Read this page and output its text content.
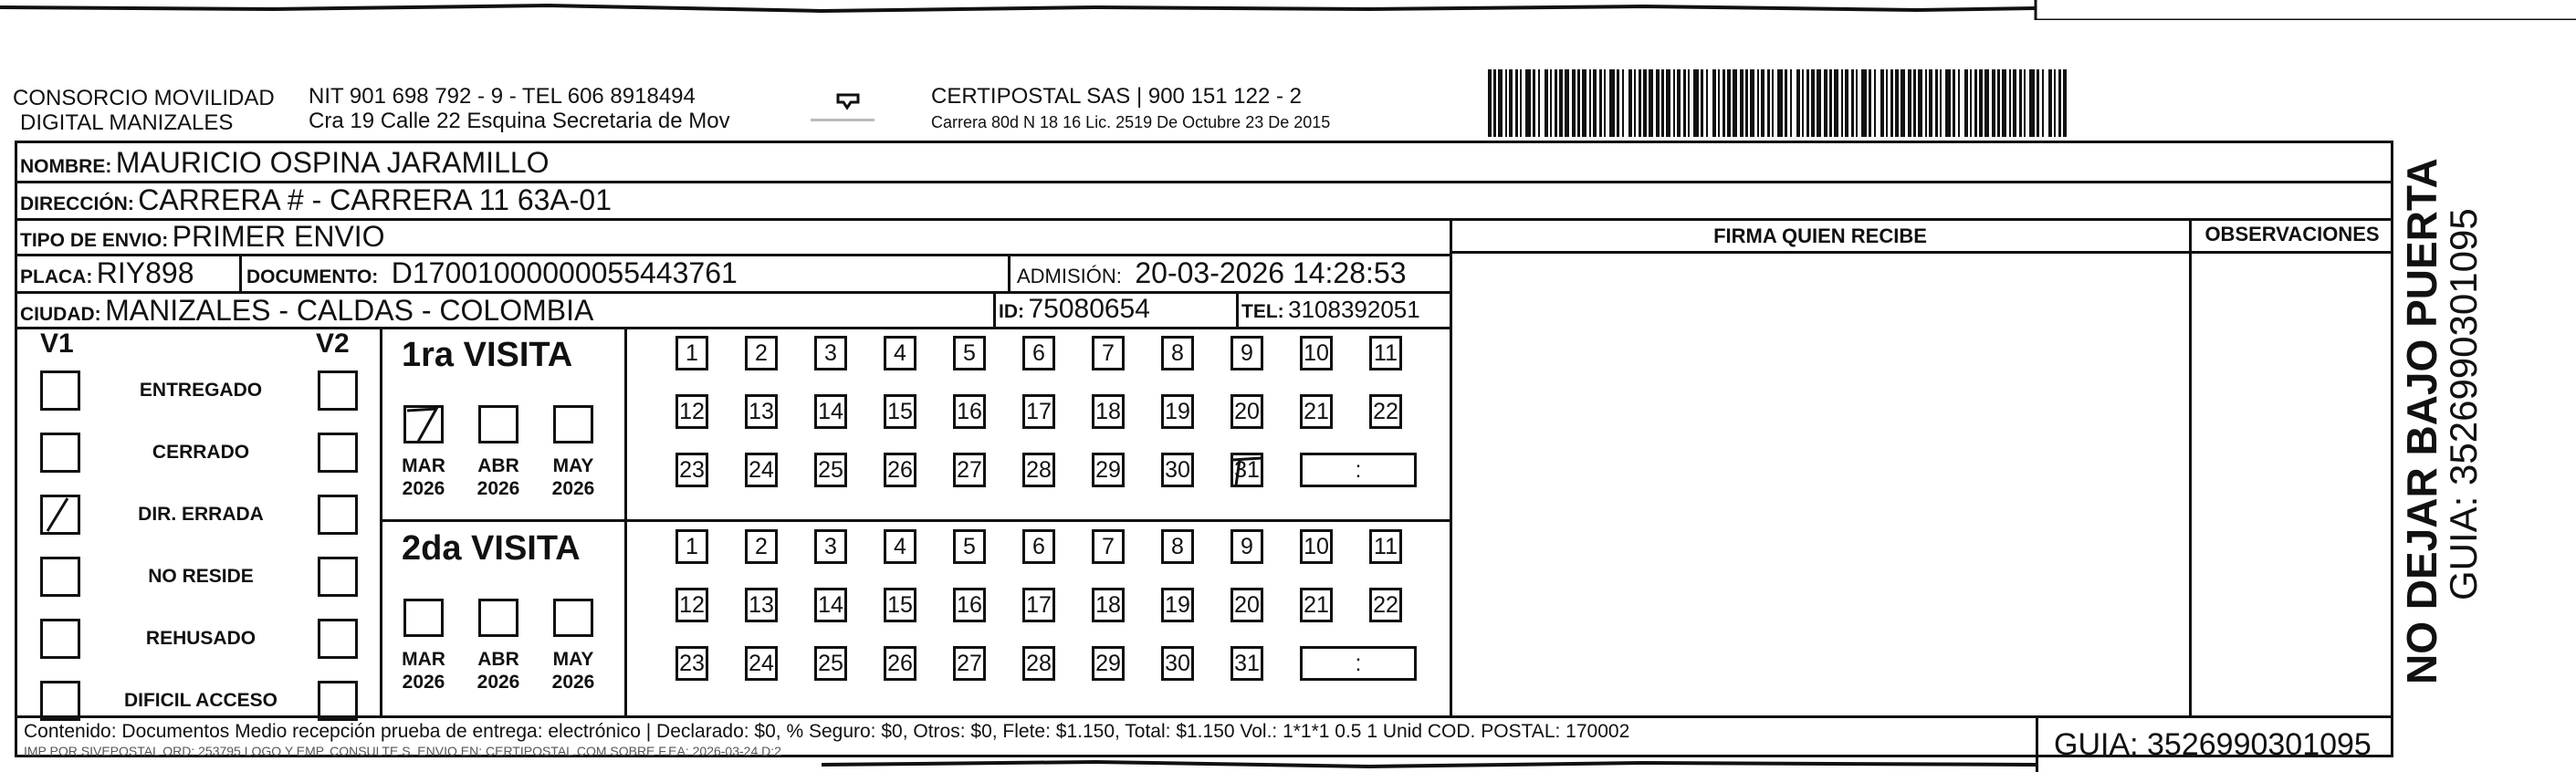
CONSORCIO MOVILIDAD
DIGITAL MANIZALES
NIT 901 698 792 - 9 - TEL 606 8918494
Cra 19 Calle 22 Esquina Secretaria de Mov
CERTIPOSTAL SAS | 900 151 122 - 2
Carrera 80d N 18 16 Lic. 2519 De Octubre 23 De 2015
NOMBRE: MAURICIO OSPINA JARAMILLO
DIRECCIÓN: CARRERA # - CARRERA 11 63A-01
TIPO DE ENVIO: PRIMER ENVIO
PLACA: RIY898	DOCUMENTO: D17001000000055443761	ADMISIÓN: 20-03-2026 14:28:53
CIUDAD: MANIZALES - CALDAS - COLOMBIA	ID: 75080654	TEL: 3108392051
FIRMA QUIEN RECIBE	OBSERVACIONES
V1	V2
ENTREGADO
CERRADO
DIR. ERRADA
NO RESIDE
REHUSADO
DIFICIL ACCESO
1ra VISITA
2da VISITA
1	2	3	4	5	6	7	8	9	10 11
12 13 14 15 16 17 18 19 20 21 22
23 24 25 26 27 28 29 30 31	:
1	2	3	4	5	6	7	8	9	10 11
12 13 14 15 16 17 18 19 20 21 22
23 24 25 26 27 28 29 30 31	:
MAR
2026
ABR
2026
MAY
2026
MAR
2026
ABR
2026
MAY
2026
Contenido: Documentos Medio recepción prueba de entrega: electrónico | Declarado: $0, % Seguro: $0, Otros: $0, Flete: $1.150, Total: $1.150 Vol.: 1*1*1 0.5 1 Unid COD. POSTAL: 170002
IMP POR SIVEPOSTAL ORD: 253795 LOGO Y EMP. CONSULTE S. ENVIO EN: CERTIPOSTAL.COM SOBRE F.EA: 2026-03-24 D:2	GUIA: 3526990301095
NO DEJAR BAJO PUERTA
GUIA: 3526990301095
